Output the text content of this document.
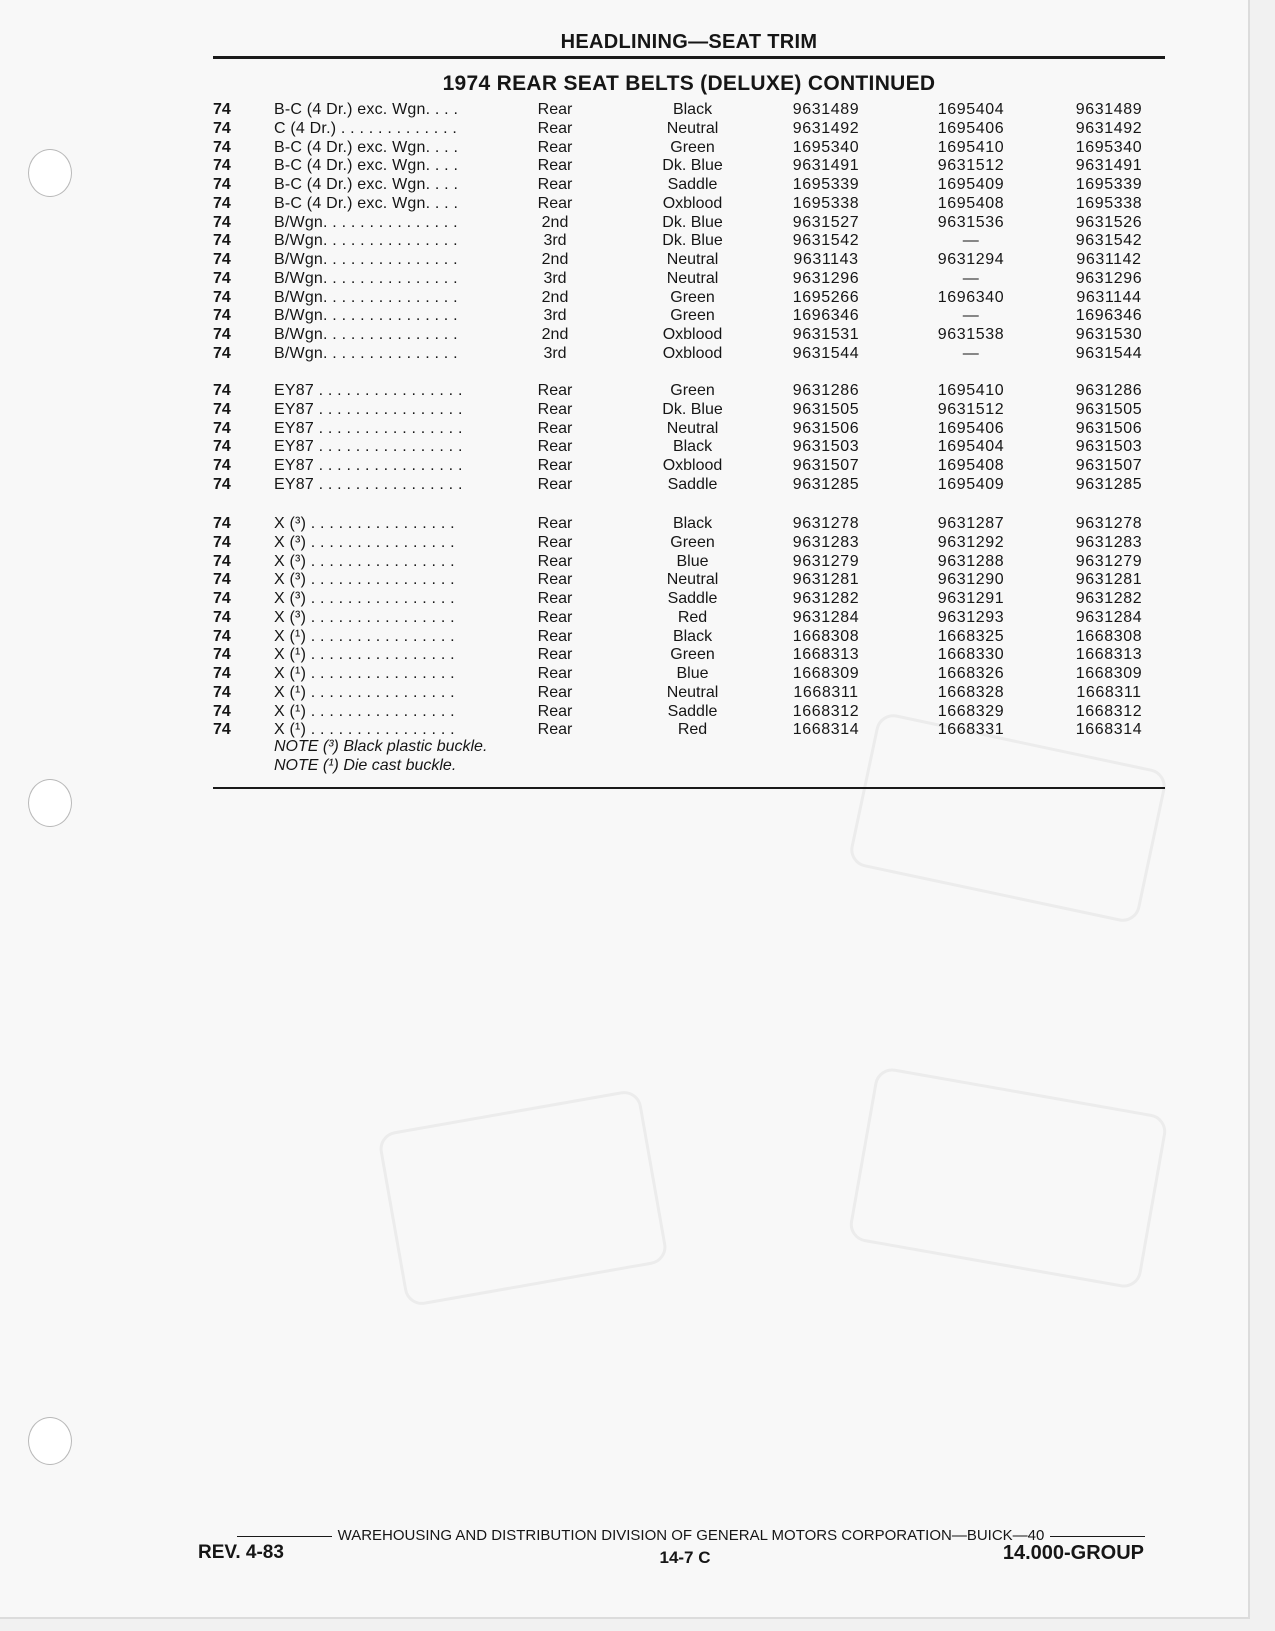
HEADLINING—SEAT TRIM
1974 REAR SEAT BELTS (DELUXE) CONTINUED
74	B-C (4 Dr.) exc. Wgn. . . .	Rear	Black	9631489	1695404	9631489
74	C (4 Dr.) . . . . . . . . . . . . .	Rear	Neutral	9631492	1695406	9631492
74	B-C (4 Dr.) exc. Wgn. . . .	Rear	Green	1695340	1695410	1695340
74	B-C (4 Dr.) exc. Wgn. . . .	Rear	Dk. Blue	9631491	9631512	9631491
74	B-C (4 Dr.) exc. Wgn. . . .	Rear	Saddle	1695339	1695409	1695339
74	B-C (4 Dr.) exc. Wgn. . . .	Rear	Oxblood	1695338	1695408	1695338
74	B/Wgn. . . . . . . . . . . . . . .	2nd	Dk. Blue	9631527	9631536	9631526
74	B/Wgn. . . . . . . . . . . . . . .	3rd	Dk. Blue	9631542	—	9631542
74	B/Wgn. . . . . . . . . . . . . . .	2nd	Neutral	9631143	9631294	9631142
74	B/Wgn. . . . . . . . . . . . . . .	3rd	Neutral	9631296	—	9631296
74	B/Wgn. . . . . . . . . . . . . . .	2nd	Green	1695266	1696340	9631144
74	B/Wgn. . . . . . . . . . . . . . .	3rd	Green	1696346	—	1696346
74	B/Wgn. . . . . . . . . . . . . . .	2nd	Oxblood	9631531	9631538	9631530
74	B/Wgn. . . . . . . . . . . . . . .	3rd	Oxblood	9631544	—	9631544
74	EY87 . . . . . . . . . . . . . . . .	Rear	Green	9631286	1695410	9631286
74	EY87 . . . . . . . . . . . . . . . .	Rear	Dk. Blue	9631505	9631512	9631505
74	EY87 . . . . . . . . . . . . . . . .	Rear	Neutral	9631506	1695406	9631506
74	EY87 . . . . . . . . . . . . . . . .	Rear	Black	9631503	1695404	9631503
74	EY87 . . . . . . . . . . . . . . . .	Rear	Oxblood	9631507	1695408	9631507
74	EY87 . . . . . . . . . . . . . . . .	Rear	Saddle	9631285	1695409	9631285
74	X (³) . . . . . . . . . . . . . . . .	Rear	Black	9631278	9631287	9631278
74	X (³) . . . . . . . . . . . . . . . .	Rear	Green	9631283	9631292	9631283
74	X (³) . . . . . . . . . . . . . . . .	Rear	Blue	9631279	9631288	9631279
74	X (³) . . . . . . . . . . . . . . . .	Rear	Neutral	9631281	9631290	9631281
74	X (³) . . . . . . . . . . . . . . . .	Rear	Saddle	9631282	9631291	9631282
74	X (³) . . . . . . . . . . . . . . . .	Rear	Red	9631284	9631293	9631284
74	X (¹) . . . . . . . . . . . . . . . .	Rear	Black	1668308	1668325	1668308
74	X (¹) . . . . . . . . . . . . . . . .	Rear	Green	1668313	1668330	1668313
74	X (¹) . . . . . . . . . . . . . . . .	Rear	Blue	1668309	1668326	1668309
74	X (¹) . . . . . . . . . . . . . . . .	Rear	Neutral	1668311	1668328	1668311
74	X (¹) . . . . . . . . . . . . . . . .	Rear	Saddle	1668312	1668329	1668312
74	X (¹) . . . . . . . . . . . . . . . .	Rear	Red	1668314	1668331	1668314
NOTE (³) Black plastic buckle.
NOTE (¹) Die cast buckle.
WAREHOUSING AND DISTRIBUTION DIVISION OF GENERAL MOTORS CORPORATION—BUICK—40
REV. 4-83	14-7 C	14.000-GROUP
